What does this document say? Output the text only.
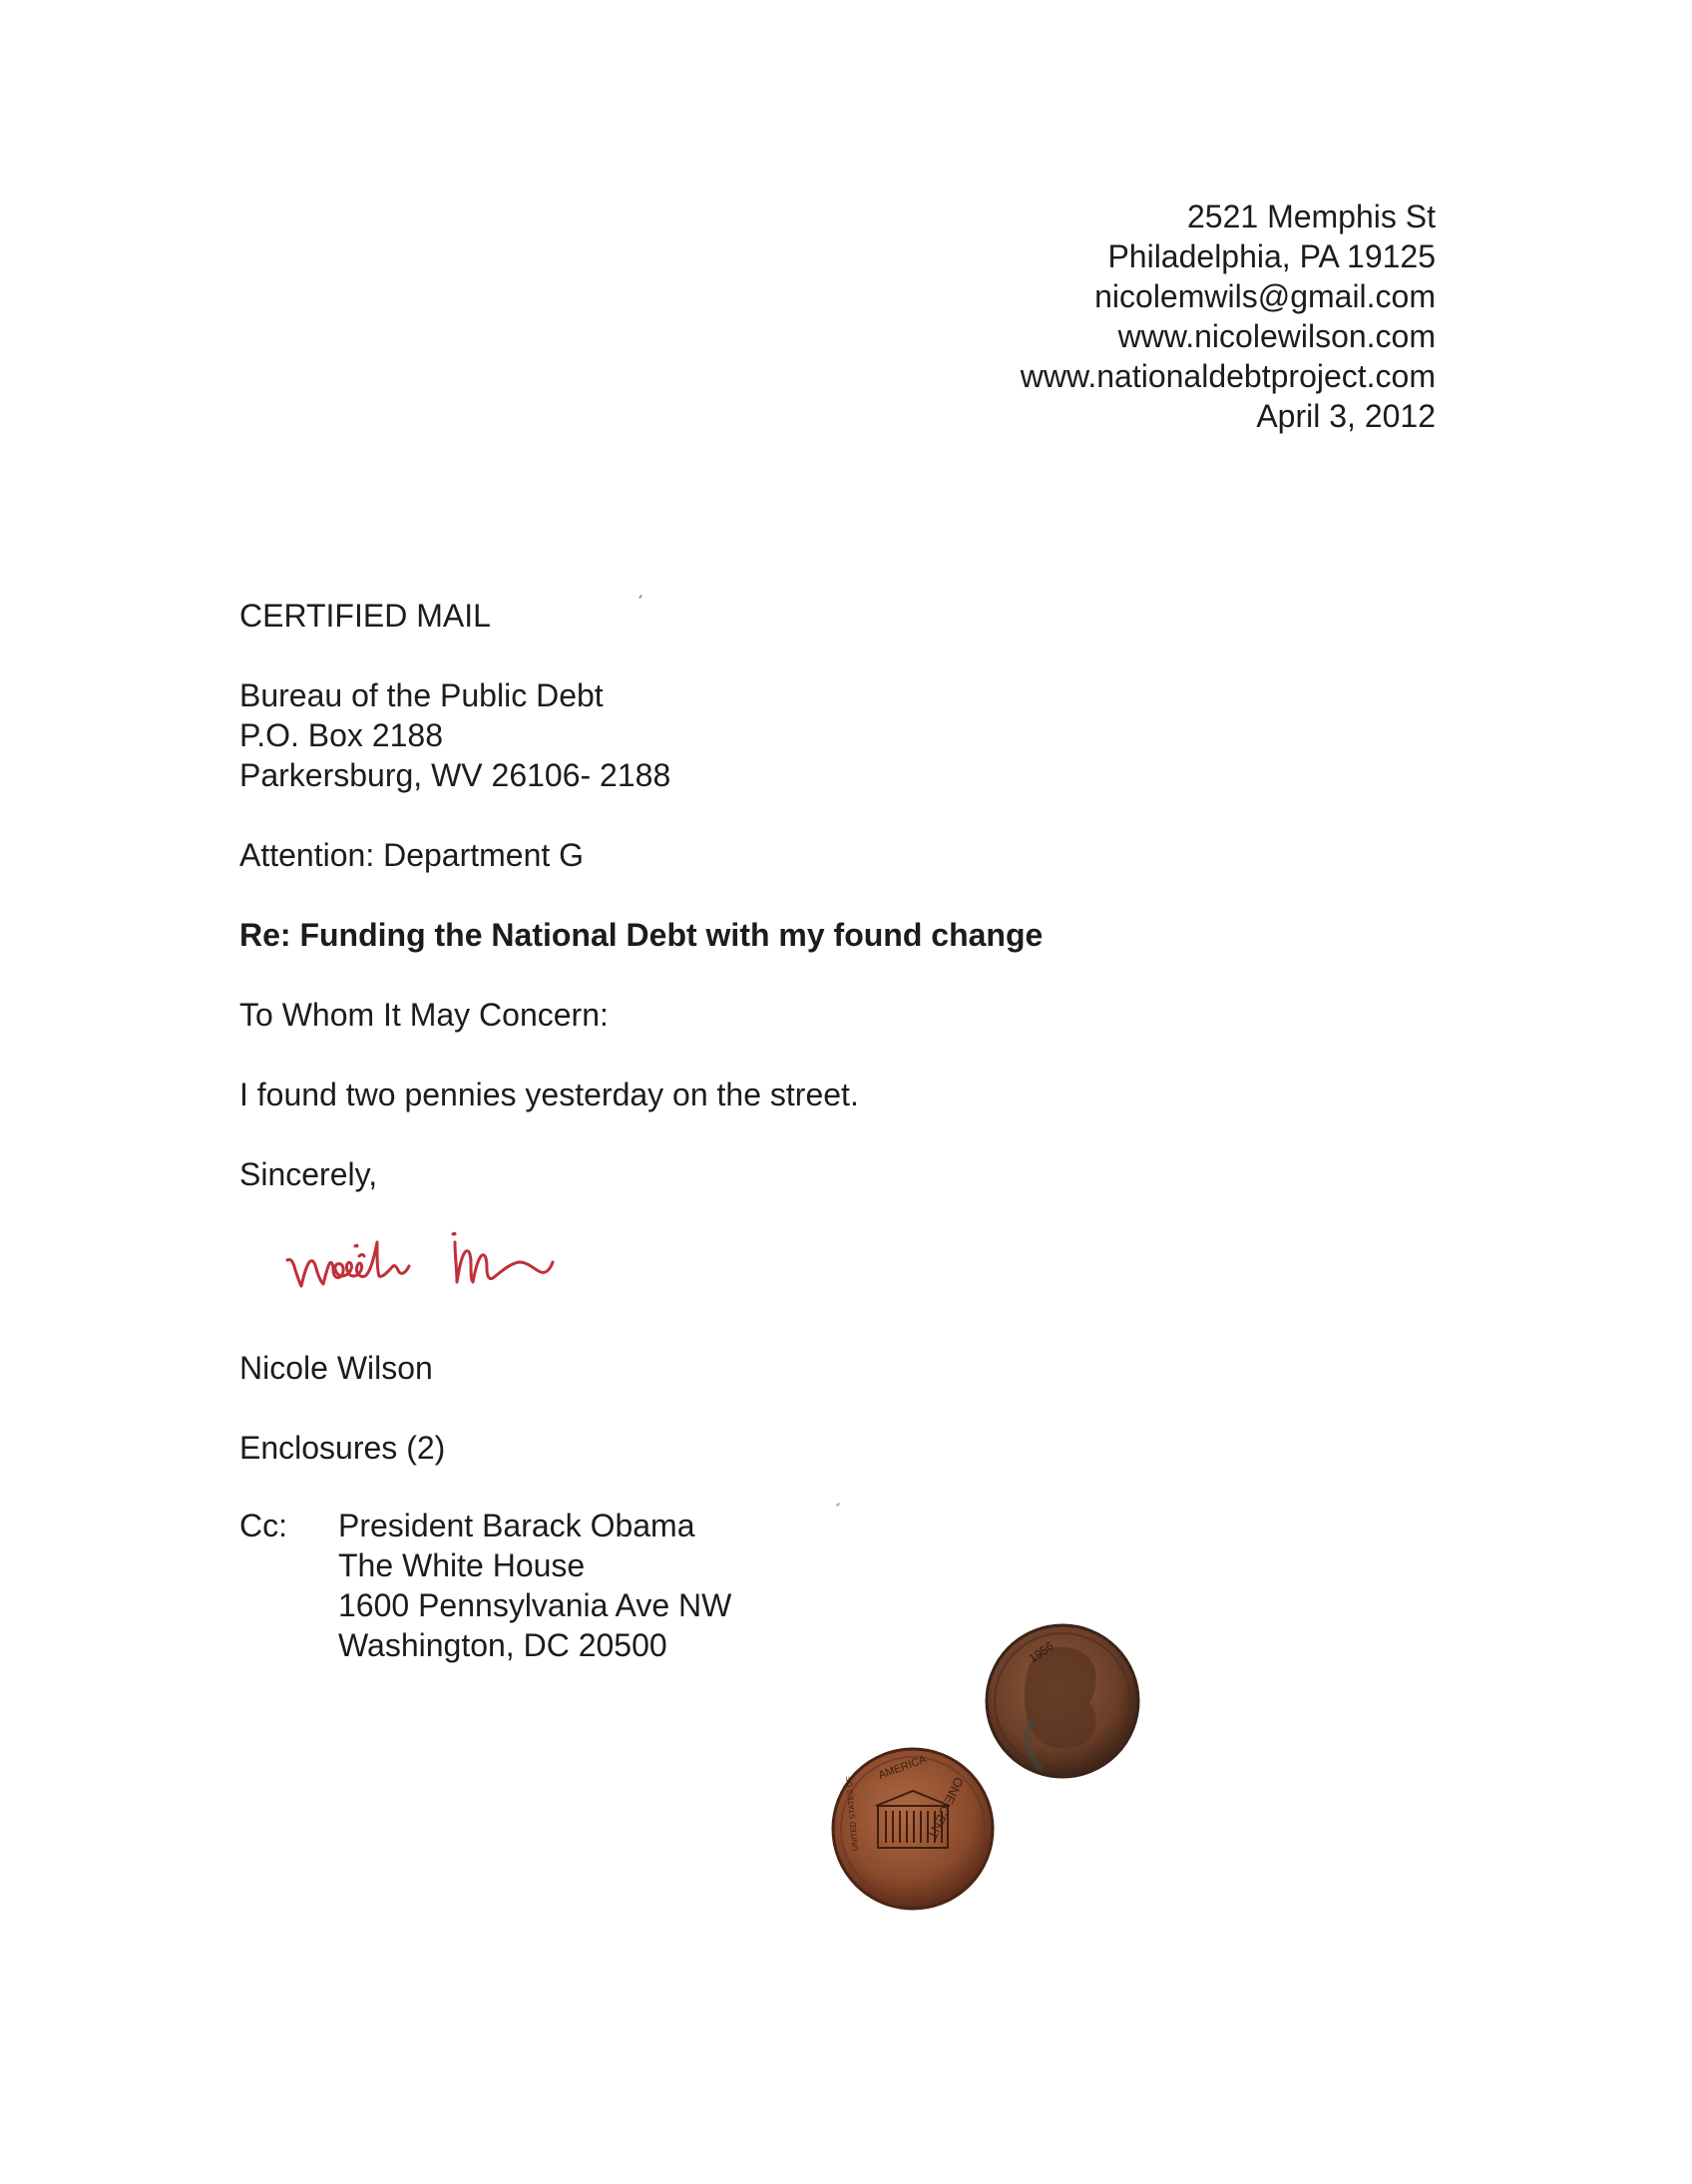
2521 Memphis St
Philadelphia, PA 19125
nicolemwils@gmail.com
www.nicolewilson.com
www.nationaldebtproject.com
April 3, 2012
CERTIFIED MAIL
Bureau of the Public Debt
P.O. Box 2188
Parkersburg, WV 26106- 2188
Attention: Department G
Re: Funding the National Debt with my found change
To Whom It May Concern:
I found two pennies yesterday on the street.
Sincerely,
Nicole Wilson
Enclosures (2)
Cc: President Barack Obama
The White House
1600 Pennsylvania Ave NW
Washington, DC 20500	1956
AMERICA
ONE CENT
UNITED STATES OF
